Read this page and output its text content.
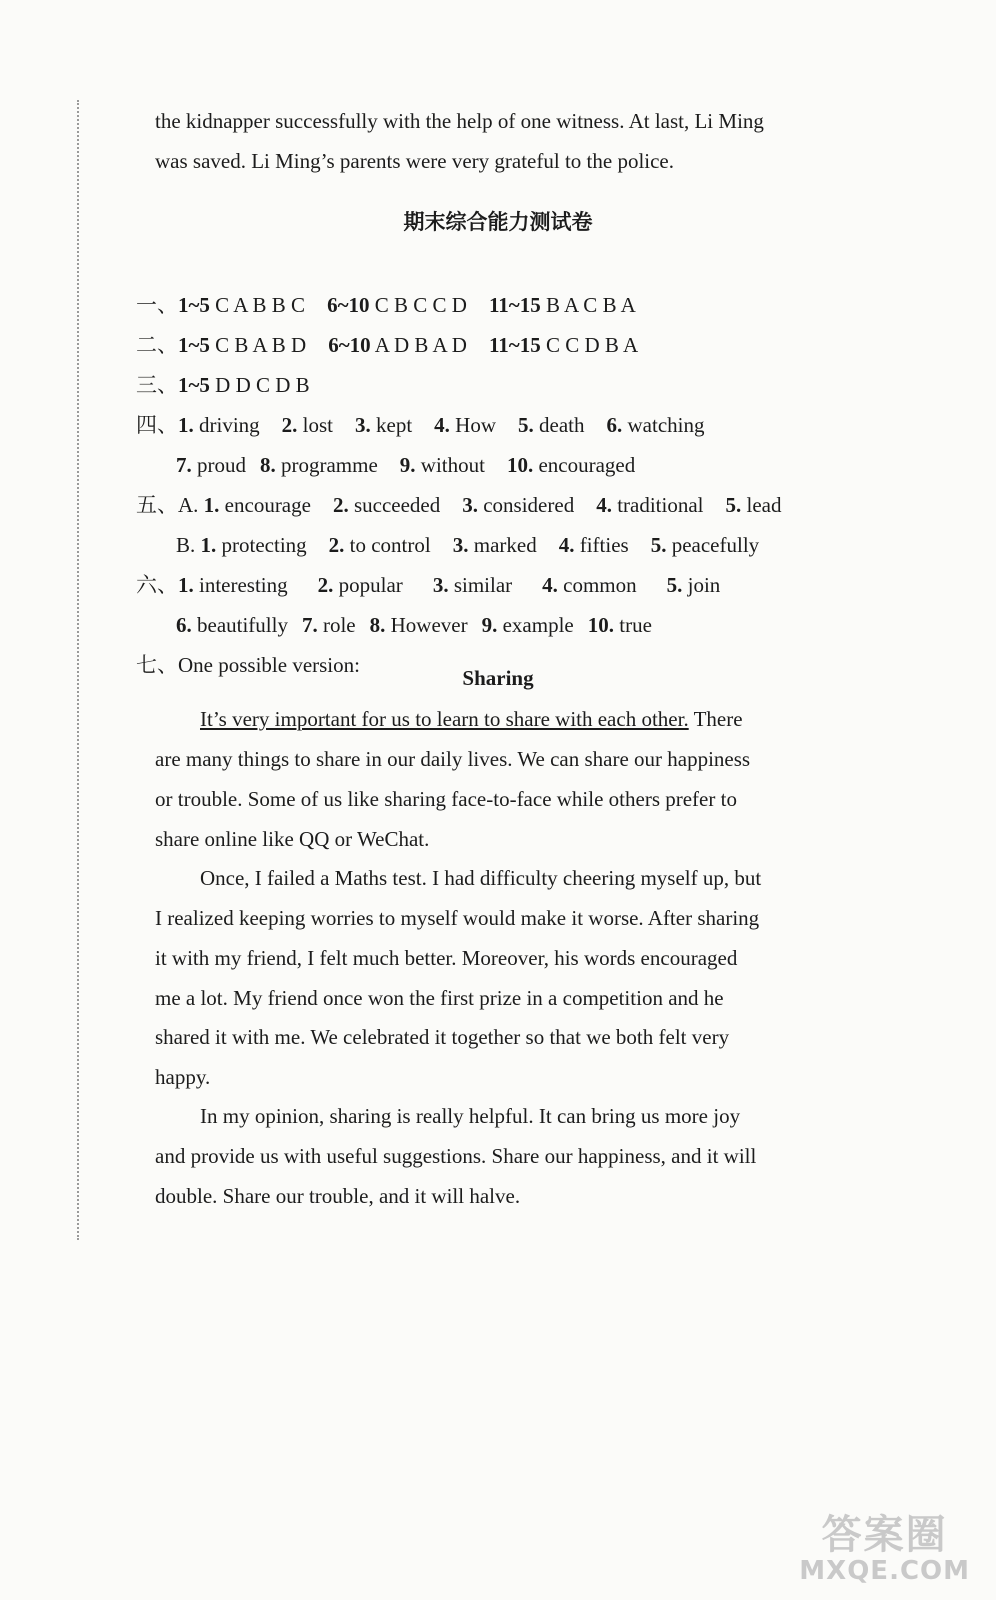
the kidnapper successfully with the help of one witness. At last, Li Ming
was saved. Li Ming’s parents were very grateful to the police.
期末综合能力测试卷

一、1~5 C A B B C 6~10 C B C C D 11~15 B A C B A

二、1~5 C B A B D 6~10 A D B A D 11~15 C C D B A

三、1~5 D D C D B

四、1. driving 2. lost 3. kept 4. How 5. death 6. watching

7. proud 8. programme 9. without 10. encouraged

五、A. 1. encourage 2. succeeded 3. considered 4. traditional 5. lead

B. 1. protecting 2. to control 3. marked 4. fifties 5. peacefully

六、1. interesting 2. popular 3. similar 4. common 5. join

6. beautifully 7. role 8. However 9. example 10. true

七、One possible version:

Sharing
It’s very important for us to learn to share with each other. There
are many things to share in our daily lives. We can share our happiness
or trouble. Some of us like sharing face-to-face while others prefer to
share online like QQ or WeChat.
Once, I failed a Maths test. I had difficulty cheering myself up, but
I realized keeping worries to myself would make it worse. After sharing
it with my friend, I felt much better. Moreover, his words encouraged
me a lot. My friend once won the first prize in a competition and he
shared it with me. We celebrated it together so that we both felt very
happy.
In my opinion, sharing is really helpful. It can bring us more joy
and provide us with useful suggestions. Share our happiness, and it will
double. Share our trouble, and it will halve.
答案圈
MXQE.COM
